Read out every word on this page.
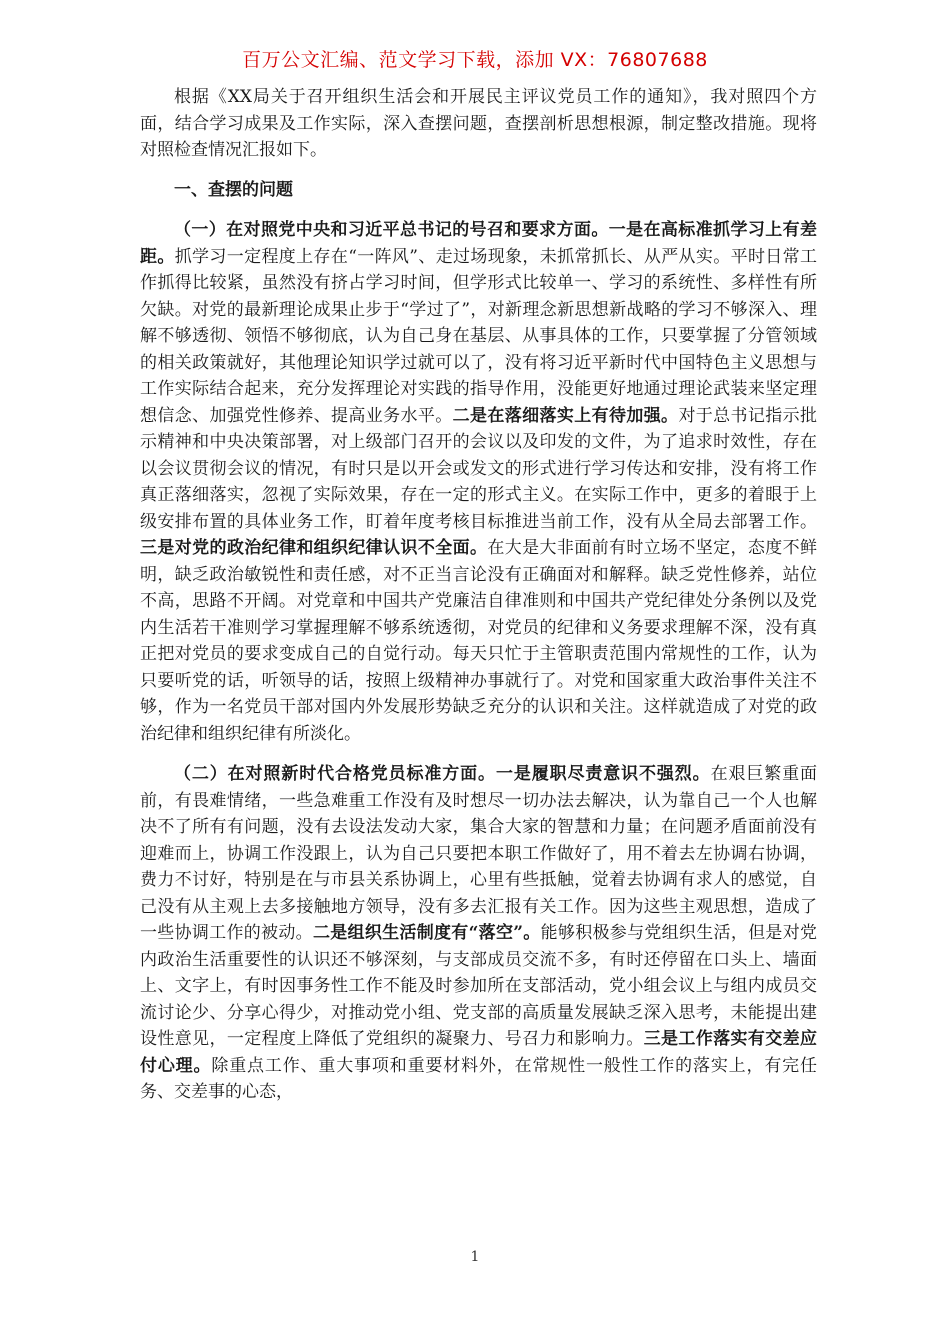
百万公文汇编、范文学习下载，添加 VX：76807688

根据《XX局关于召开组织生活会和开展民主评议党员工作的通知》，我对照四个方面，结合学习成果及工作实际，深入查摆问题，查摆剖析思想根源，制定整改措施。现将对照检查情况汇报如下。

一、查摆的问题

（一）在对照党中央和习近平总书记的号召和要求方面。一是在高标准抓学习上有差距。抓学习一定程度上存在“一阵风”、走过场现象，未抓常抓长、从严从实。平时日常工作抓得比较紧，虽然没有挤占学习时间，但学形式比较单一、学习的系统性、多样性有所欠缺。对党的最新理论成果止步于“学过了”，对新理念新思想新战略的学习不够深入、理解不够透彻、领悟不够彻底，认为自己身在基层、从事具体的工作，只要掌握了分管领域的相关政策就好，其他理论知识学过就可以了，没有将习近平新时代中国特色主义思想与工作实际结合起来，充分发挥理论对实践的指导作用，没能更好地通过理论武装来坚定理想信念、加强党性修养、提高业务水平。二是在落细落实上有待加强。对于总书记指示批示精神和中央决策部署，对上级部门召开的会议以及印发的文件，为了追求时效性，存在以会议贯彻会议的情况，有时只是以开会或发文的形式进行学习传达和安排，没有将工作真正落细落实，忽视了实际效果，存在一定的形式主义。在实际工作中，更多的着眼于上级安排布置的具体业务工作，盯着年度考核目标推进当前工作，没有从全局去部署工作。三是对党的政治纪律和组织纪律认识不全面。在大是大非面前有时立场不坚定，态度不鲜明，缺乏政治敏锐性和责任感，对不正当言论没有正确面对和解释。缺乏党性修养，站位不高，思路不开阔。对党章和中国共产党廉洁自律准则和中国共产党纪律处分条例以及党内生活若干准则学习掌握理解不够系统透彻，对党员的纪律和义务要求理解不深，没有真正把对党员的要求变成自己的自觉行动。每天只忙于主管职责范围内常规性的工作，认为只要听党的话，听领导的话，按照上级精神办事就行了。对党和国家重大政治事件关注不够，作为一名党员干部对国内外发展形势缺乏充分的认识和关注。这样就造成了对党的政治纪律和组织纪律有所淡化。

（二）在对照新时代合格党员标准方面。一是履职尽责意识不强烈。在艰巨繁重面前，有畏难情绪，一些急难重工作没有及时想尽一切办法去解决，认为靠自己一个人也解决不了所有有问题，没有去设法发动大家，集合大家的智慧和力量；在问题矛盾面前没有迎难而上，协调工作没跟上，认为自己只要把本职工作做好了，用不着去左协调右协调，费力不讨好，特别是在与市县关系协调上，心里有些抵触，觉着去协调有求人的感觉，自己没有从主观上去多接触地方领导，没有多去汇报有关工作。因为这些主观思想，造成了一些协调工作的被动。二是组织生活制度有“落空”。能够积极参与党组织生活，但是对党内政治生活重要性的认识还不够深刻，与支部成员交流不多，有时还停留在口头上、墙面上、文字上，有时因事务性工作不能及时参加所在支部活动，党小组会议上与组内成员交流讨论少、分享心得少，对推动党小组、党支部的高质量发展缺乏深入思考，未能提出建设性意见，一定程度上降低了党组织的凝聚力、号召力和影响力。三是工作落实有交差应付心理。除重点工作、重大事项和重要材料外，在常规性一般性工作的落实上，有完任务、交差事的心态，

1
